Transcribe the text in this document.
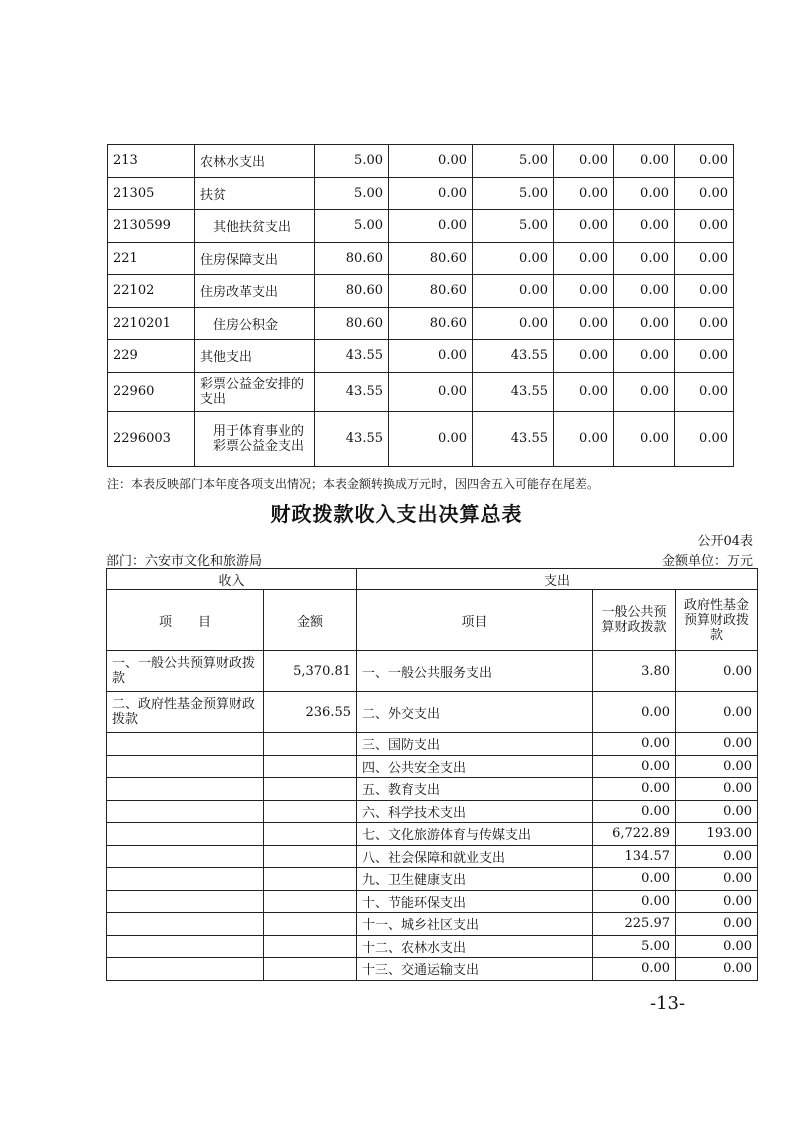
213	农林水支出	5.00	0.00	5.00	0.00	0.00	0.00
21305	扶贫	5.00	0.00	5.00	0.00	0.00	0.00
2130599	其他扶贫支出	5.00	0.00	5.00	0.00	0.00	0.00
221	住房保障支出	80.60	80.60	0.00	0.00	0.00	0.00
22102	住房改革支出	80.60	80.60	0.00	0.00	0.00	0.00
2210201	住房公积金	80.60	80.60	0.00	0.00	0.00	0.00
229	其他支出	43.55	0.00	43.55	0.00	0.00	0.00
22960	彩票公益金安排的支出	43.55	0.00	43.55	0.00	0.00	0.00
2296003	用于体育事业的彩票公益金支出	43.55	0.00	43.55	0.00	0.00	0.00
注：本表反映部门本年度各项支出情况；本表金额转换成万元时，因四舍五入可能存在尾差。
财政拨款收入支出决算总表
公开04表
部门：六安市文化和旅游局	金额单位：万元
收入		支出		
项　　目	金额	项目	一般公共预算财政拨款	政府性基金预算财政拨款
一、一般公共预算财政拨款	5,370.81	一、一般公共服务支出	3.80	0.00
二、政府性基金预算财政拨款	236.55	二、外交支出	0.00	0.00
		三、国防支出	0.00	0.00
		四、公共安全支出	0.00	0.00
		五、教育支出	0.00	0.00
		六、科学技术支出	0.00	0.00
		七、文化旅游体育与传媒支出	6,722.89	193.00
		八、社会保障和就业支出	134.57	0.00
		九、卫生健康支出	0.00	0.00
		十、节能环保支出	0.00	0.00
		十一、城乡社区支出	225.97	0.00
		十二、农林水支出	5.00	0.00
		十三、交通运输支出	0.00	0.00
-13-
